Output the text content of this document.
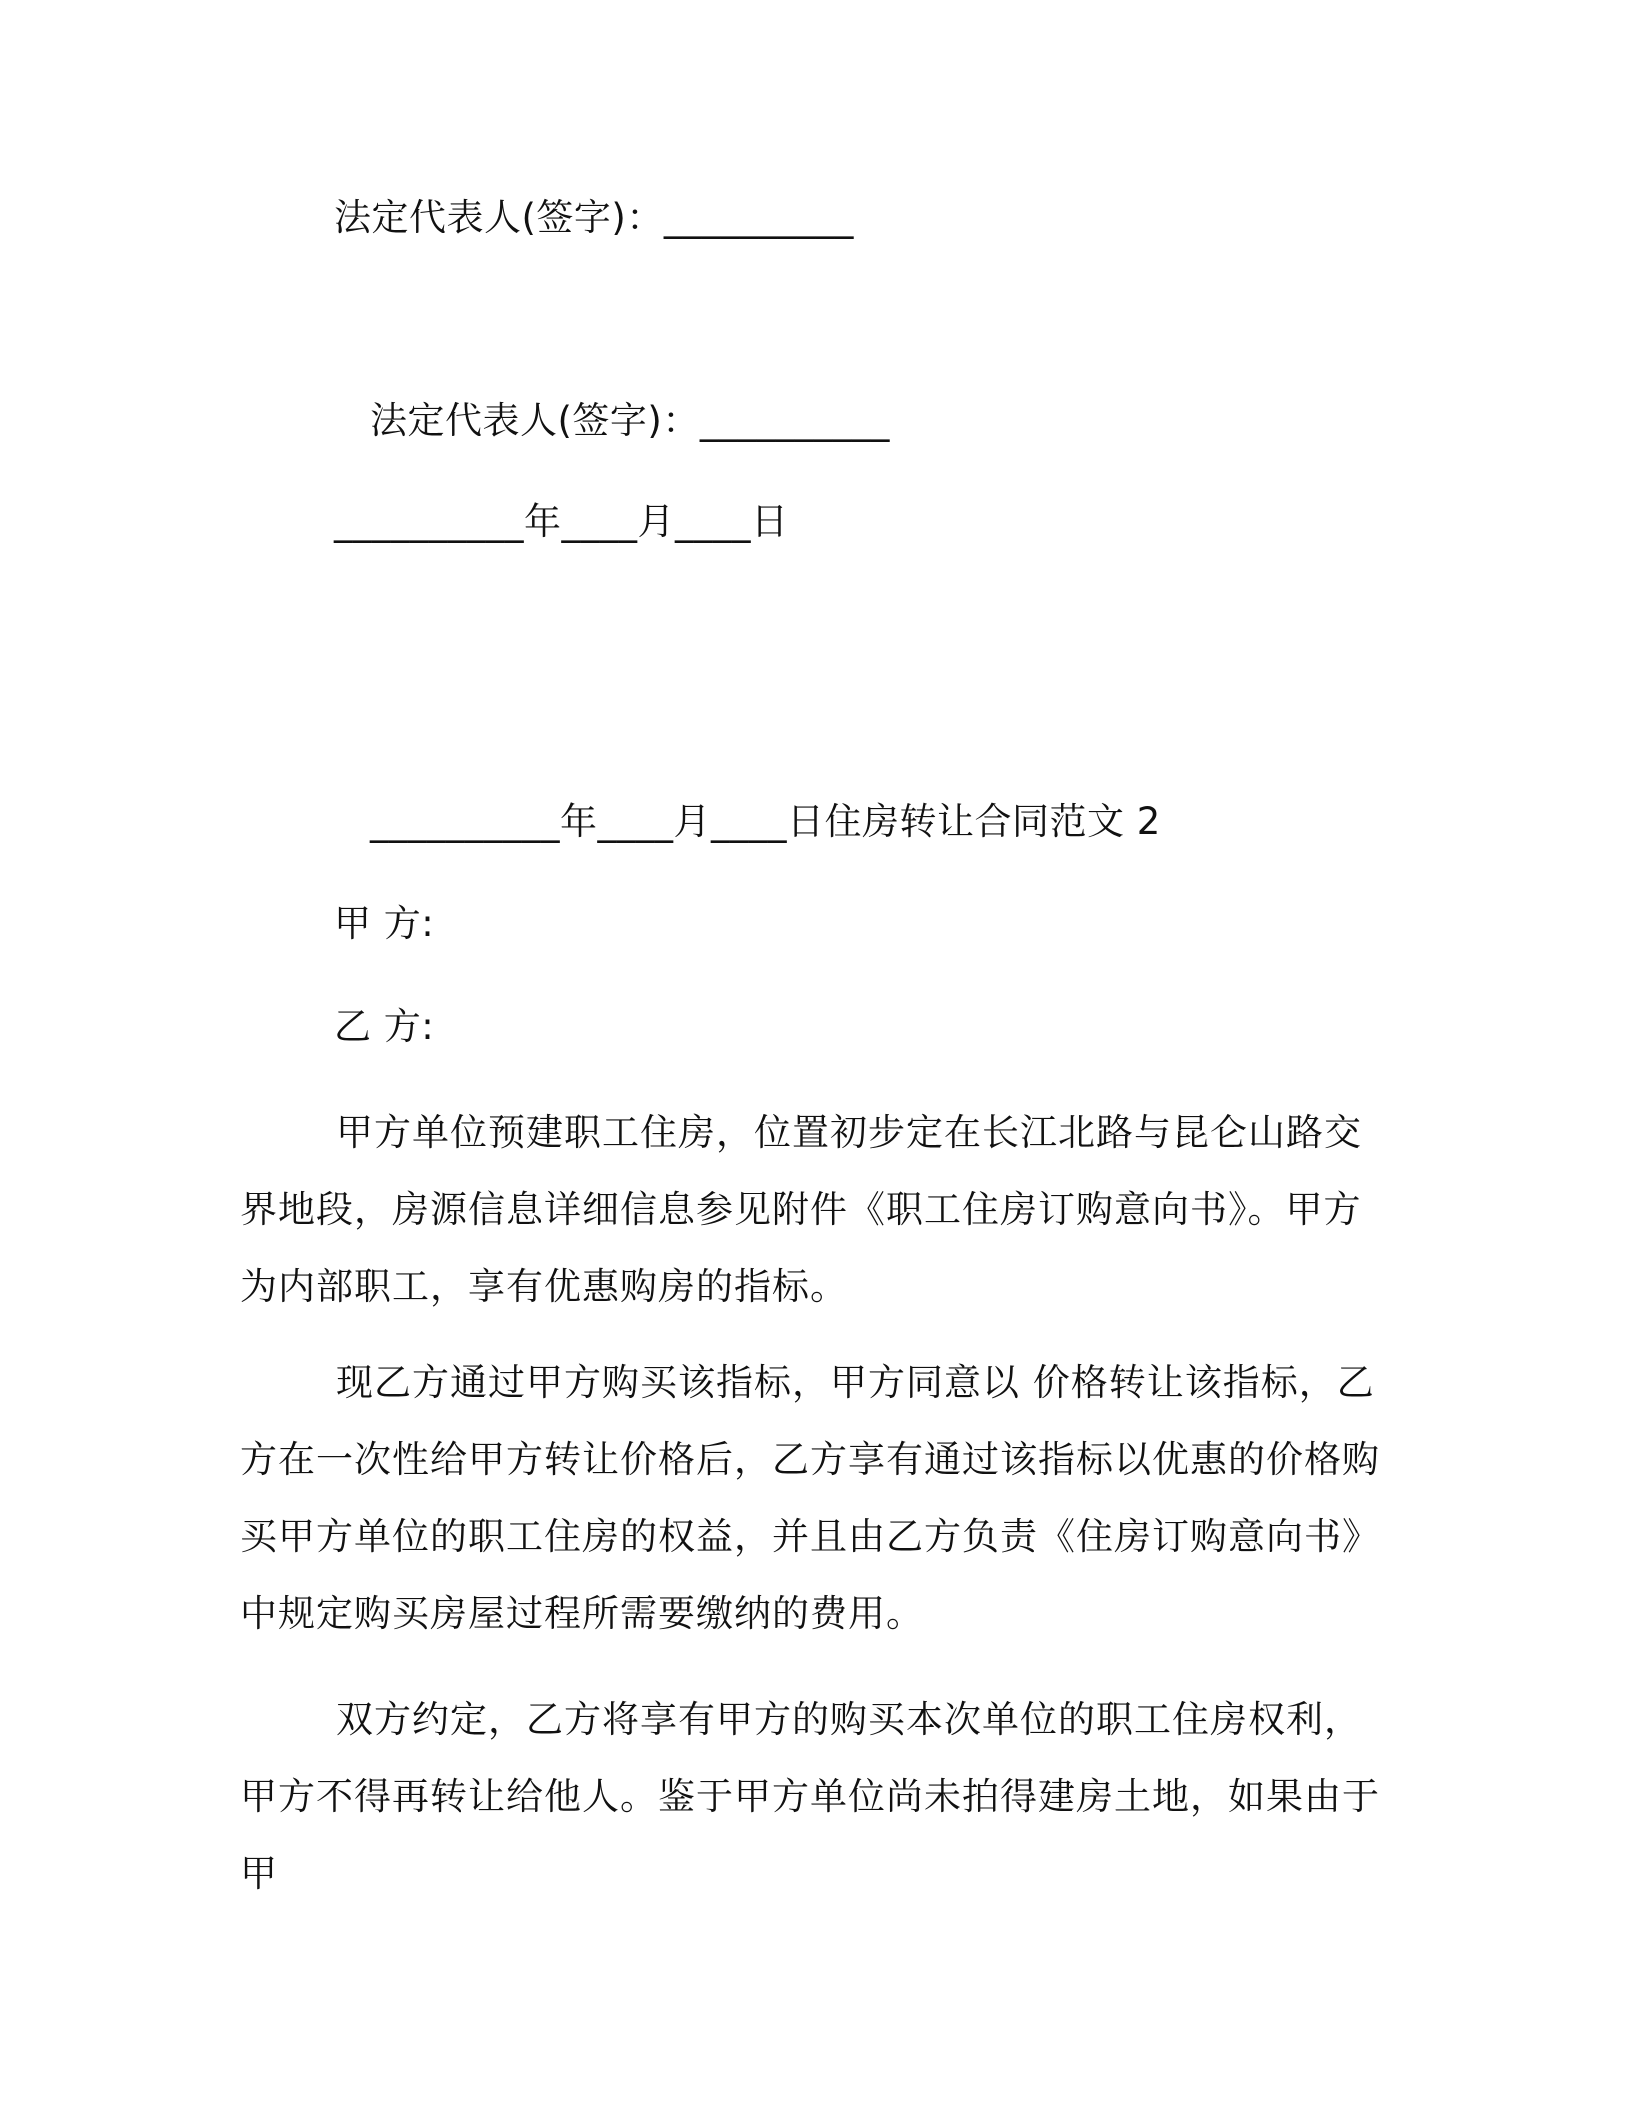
法定代表人(签字)：__________
法定代表人(签字)：__________
__________年____月____日
__________年____月____日住房转让合同范文 2
甲 方:
乙 方:

甲方单位预建职工住房，位置初步定在长江北路与昆仑山路交界地段，房源信息详细信息参见附件《职工住房订购意向书》。甲方为内部职工，享有优惠购房的指标。

现乙方通过甲方购买该指标，甲方同意以 价格转让该指标，乙方在一次性给甲方转让价格后，乙方享有通过该指标以优惠的价格购买甲方单位的职工住房的权益，并且由乙方负责《住房订购意向书》中规定购买房屋过程所需要缴纳的费用。

双方约定，乙方将享有甲方的购买本次单位的职工住房权利，甲方不得再转让给他人。鉴于甲方单位尚未拍得建房土地，如果由于甲
